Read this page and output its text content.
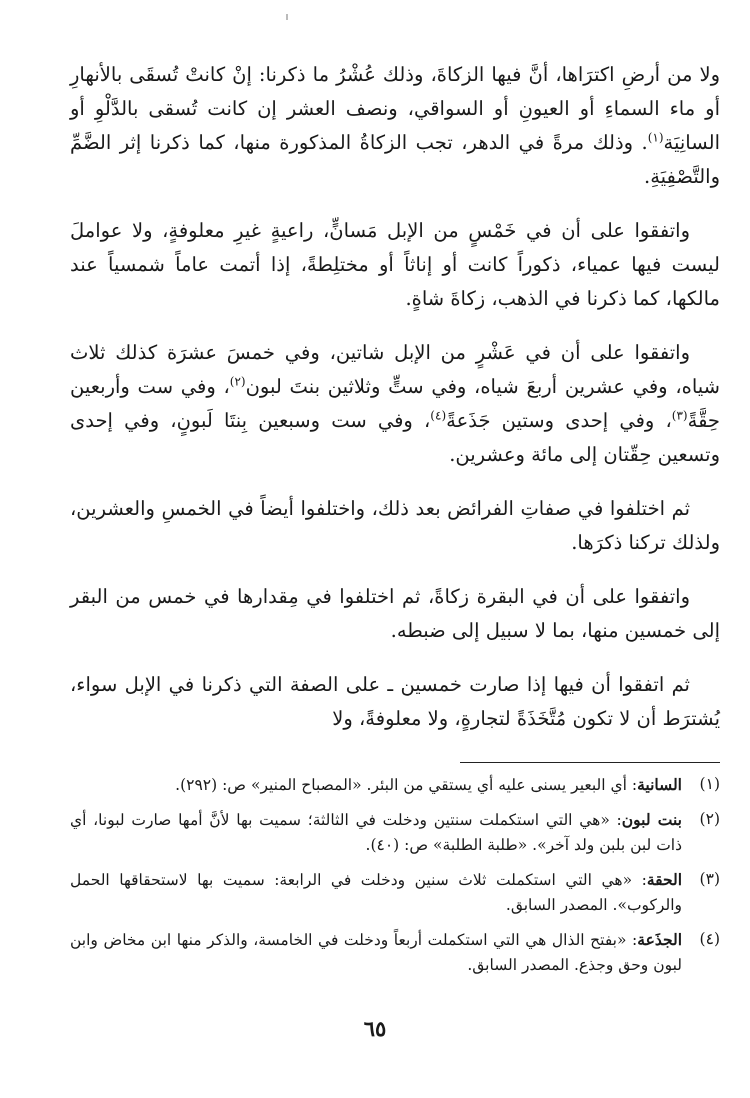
ولا من أرضِ اكترَاها، أنَّ فيها الزكاةَ، وذلك عُشْرُ ما ذكرنا: إنْ كانتْ تُسقَى بالأنهارِ أو ماء السماءِ أو العيونِ أو السواقي، ونصف العشر إن كانت تُسقى بالدَّلْوِ أو السانِيَة$^{(١)}$. وذلك مرةً في الدهر، تجب الزكاةُ المذكورة منها، كما ذكرنا إثر الضَّمِّ والتَّصْفِيَةِ.

واتفقوا على أن في خَمْسٍ من الإبل مَسانٍّ، راعيةٍ غيرِ معلوفةٍ، ولا عواملَ ليست فيها عمياء، ذكوراً كانت أو إناثاً أو مختلِطةً، إذا أتمت عاماً شمسياً عند مالكها، كما ذكرنا في الذهب، زكاةَ شاةٍ.

واتفقوا على أن في عَشْرٍ من الإبل شاتين، وفي خمسَ عشرَة كذلك ثلاث شياه، وفي عشرين أربعَ شياه، وفي ستٍّ وثلاثين بنتَ لبون$^{(٢)}$، وفي ست وأربعين حِقَّةً$^{(٣)}$، وفي إحدى وستين جَذَعةً$^{(٤)}$، وفي ست وسبعين بِنتَا لَبونٍ، وفي إحدى وتسعين حِقّتان إلى مائة وعشرين.

ثم اختلفوا في صفاتِ الفرائض بعد ذلك، واختلفوا أيضاً في الخمسِ والعشرين، ولذلك تركنا ذكرَها.

واتفقوا على أن في البقرة زكاةً، ثم اختلفوا في مِقدارها في خمس من البقر إلى خمسين منها، بما لا سبيل إلى ضبطه.

ثم اتفقوا أن فيها إذا صارت خمسين ـ على الصفة التي ذكرنا في الإبل سواء، يُشترَط أن لا تكون مُتَّخَذَةً لتجارةٍ، ولا معلوفةً، ولا

(١)
السانية: أي البعير يسنى عليه أي يستقي من البئر. «المصباح المنير» ص: (٢٩٢).
(٢)
بنت لبون: «هي التي استكملت سنتين ودخلت في الثالثة؛ سميت بها لأنَّ أمها صارت لبونا، أي ذات لبن بلبن ولد آخر». «طلبة الطلبة» ص: (٤٠).
(٣)
الحقة: «هي التي استكملت ثلاث سنين ودخلت في الرابعة: سميت بها لاستحقاقها الحمل والركوب». المصدر السابق.
(٤)
الجذَعة: «بفتح الذال هي التي استكملت أربعاً ودخلت في الخامسة، والذكر منها ابن مخاض وابن لبون وحق وجذع. المصدر السابق.
٦٥
